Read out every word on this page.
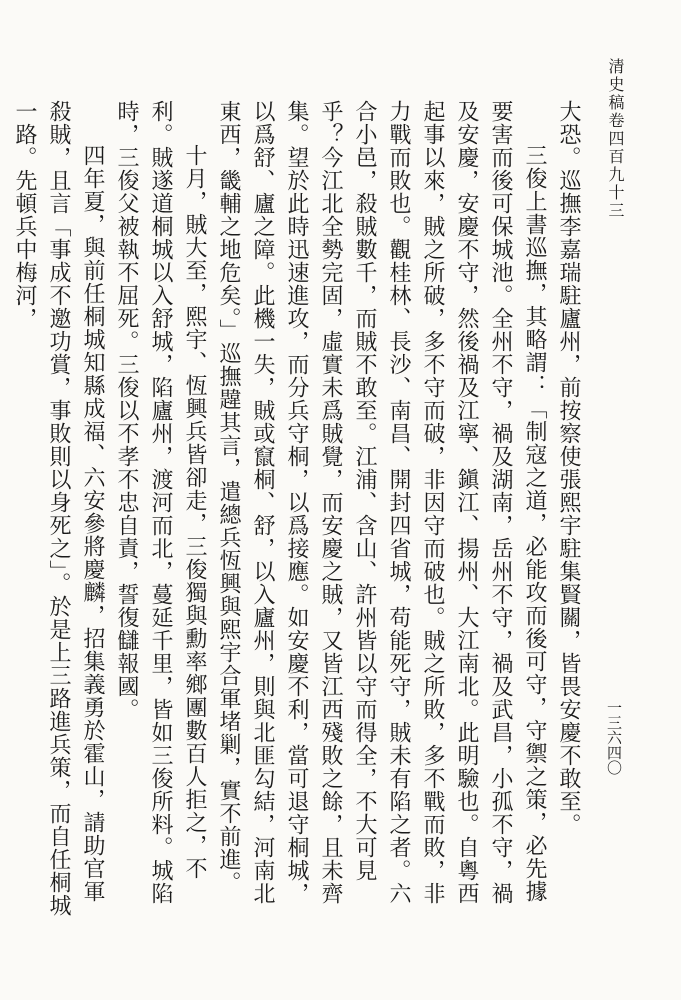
清史稿卷四百九十三
一三六四〇

大恐。巡撫李嘉瑞駐廬州，前按察使張熙宇駐集賢關，皆畏安慶不敢至。

三俊上書巡撫，其略謂：「制寇之道，必能攻而後可守，守禦之策，必先據要害而後可保城池。全州不守，禍及湖南，岳州不守，禍及武昌，小孤不守，禍及安慶，安慶不守，然後禍及江寧、鎭江、揚州、大江南北。此明驗也。自粵西起事以來，賊之所破，多不守而破，非因守而破也。賊之所敗，多不戰而敗，非力戰而敗也。觀桂林、長沙、南昌、開封四省城，苟能死守，賊未有陷之者。六合小邑，殺賊數千，而賊不敢至。江浦、含山、許州皆以守而得全，不大可見乎？今江北全勢完固，虛實未爲賊覺，而安慶之賊，又皆江西殘敗之餘，且未齊集。望於此時迅速進攻，而分兵守桐，以爲接應。如安慶不利，當可退守桐城，以爲舒、廬之障。此機一失，賊或竄桐、舒，以入廬州，則與北匪勾結，河南北東西，畿輔之地危矣。」巡撫韙其言，遣總兵恆興與熙宇合軍堵剿，實不前進。

十月，賊大至，熙宇、恆興兵皆卻走，三俊獨與勳率鄉團數百人拒之，不利。賊遂道桐城以入舒城，陷廬州，渡河而北，蔓延千里，皆如三俊所料。城陷時，三俊父被執不屈死。三俊以不孝不忠自責，誓復讎報國。

四年夏，與前任桐城知縣成福、六安參將慶麟，招集義勇於霍山，請助官軍殺賊，且言「事成不邀功賞，事敗則以身死之」。於是上三路進兵策，而自任桐城一路。先頓兵中梅河，
